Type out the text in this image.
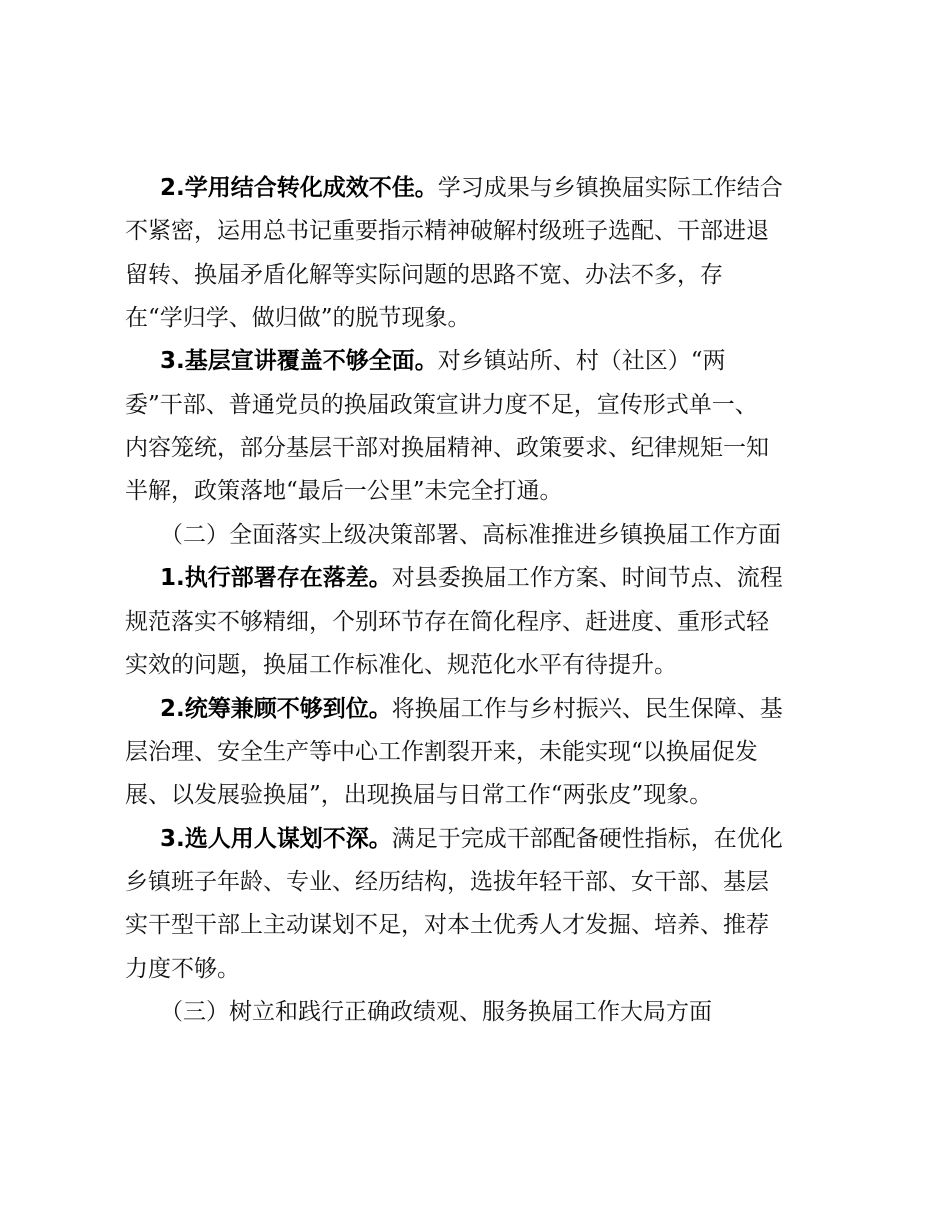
2.学用结合转化成效不佳。学习成果与乡镇换届实际工作结合

不紧密，运用总书记重要指示精神破解村级班子选配、干部进退

留转、换届矛盾化解等实际问题的思路不宽、办法不多，存

在“学归学、做归做”的脱节现象。

3.基层宣讲覆盖不够全面。对乡镇站所、村（社区）“两

委”干部、普通党员的换届政策宣讲力度不足，宣传形式单一、

内容笼统，部分基层干部对换届精神、政策要求、纪律规矩一知

半解，政策落地“最后一公里”未完全打通。

（二）全面落实上级决策部署、高标准推进乡镇换届工作方面

1.执行部署存在落差。对县委换届工作方案、时间节点、流程

规范落实不够精细，个别环节存在简化程序、赶进度、重形式轻

实效的问题，换届工作标准化、规范化水平有待提升。

2.统筹兼顾不够到位。将换届工作与乡村振兴、民生保障、基

层治理、安全生产等中心工作割裂开来，未能实现“以换届促发

展、以发展验换届”，出现换届与日常工作“两张皮”现象。

3.选人用人谋划不深。满足于完成干部配备硬性指标，在优化

乡镇班子年龄、专业、经历结构，选拔年轻干部、女干部、基层

实干型干部上主动谋划不足，对本土优秀人才发掘、培养、推荐

力度不够。

（三）树立和践行正确政绩观、服务换届工作大局方面
